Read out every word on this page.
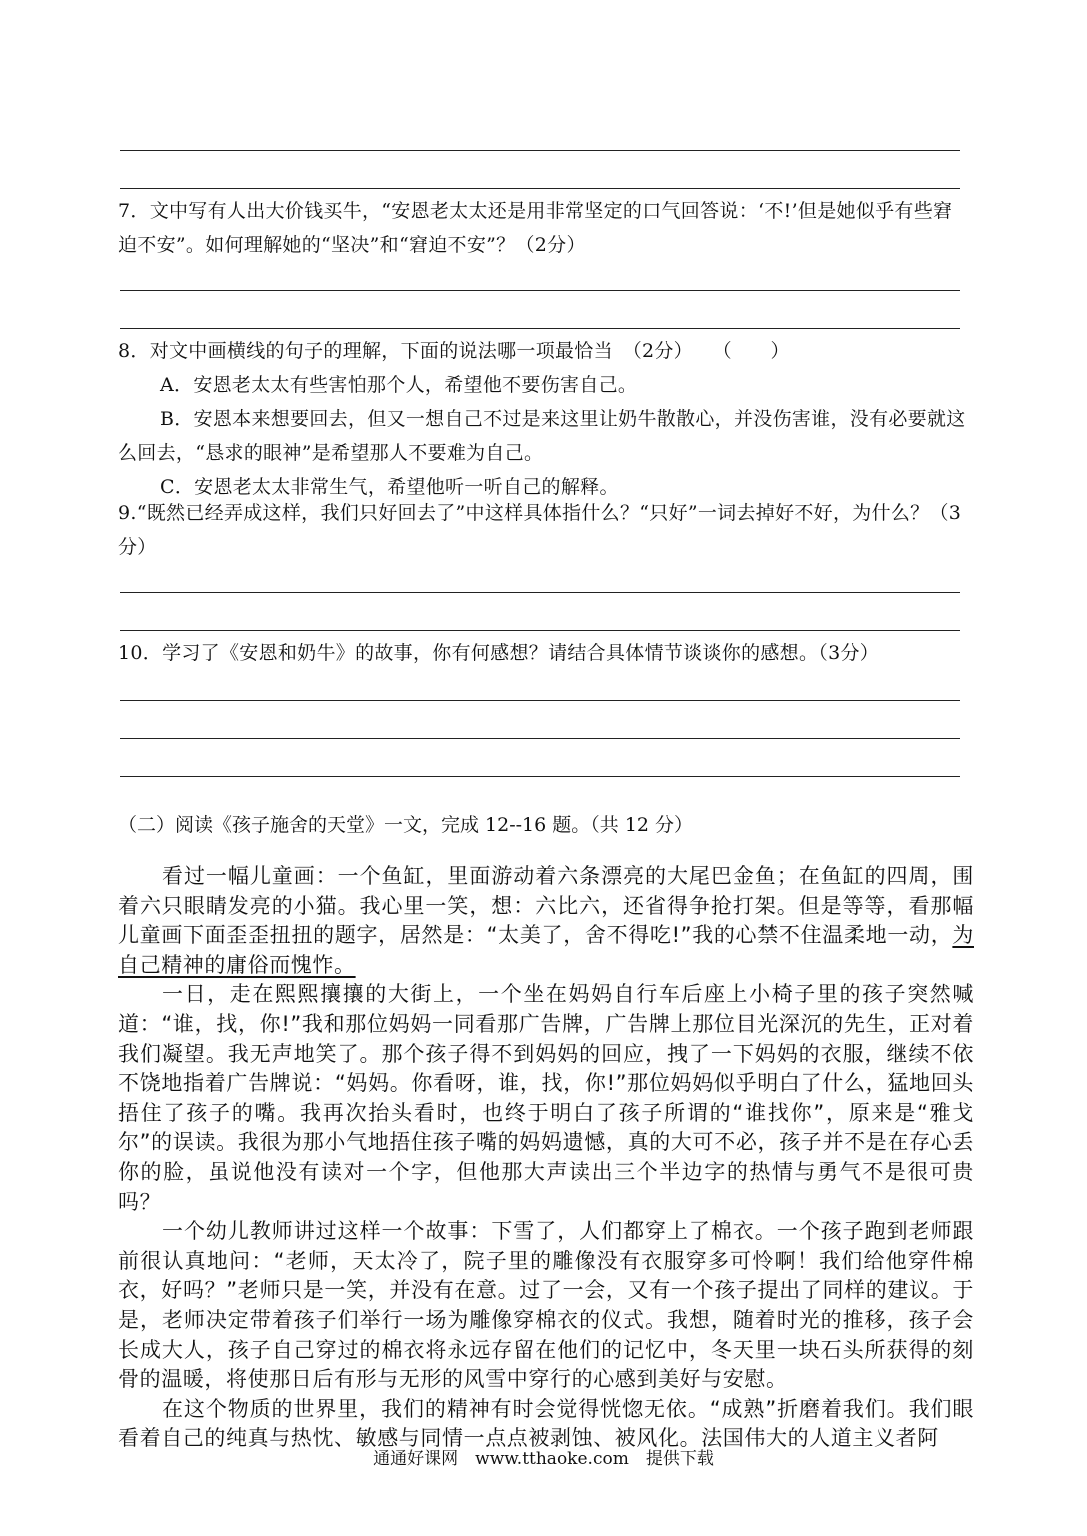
7．文中写有人出大价钱买牛，“安恩老太太还是用非常坚定的口气回答说：‘不!’但是她似乎有些窘迫不安”。如何理解她的“坚决”和“窘迫不安”？（2分）
8．对文中画横线的句子的理解，下面的说法哪一项最恰当　（2分）　　（　　）
A．安恩老太太有些害怕那个人，希望他不要伤害自己。
B．安恩本来想要回去，但又一想自己不过是来这里让奶牛散散心，并没伤害谁，没有必要就这么回去，“恳求的眼神”是希望那人不要难为自己。
C．安恩老太太非常生气，希望他听一听自己的解释。
9.“既然已经弄成这样，我们只好回去了”中这样具体指什么？“只好”一词去掉好不好，为什么？（3分）
10．学习了《安恩和奶牛》的故事，你有何感想？请结合具体情节谈谈你的感想。（3分）
（二）阅读《孩子施舍的天堂》一文，完成 12--16 题。（共 12 分）

看过一幅儿童画：一个鱼缸，里面游动着六条漂亮的大尾巴金鱼；在鱼缸的四周，围着六只眼睛发亮的小猫。我心里一笑，想：六比六，还省得争抢打架。但是等等，看那幅儿童画下面歪歪扭扭的题字，居然是：“太美了，舍不得吃!”我的心禁不住温柔地一动，为自己精神的庸俗而愧怍。

一日，走在熙熙攘攘的大街上，一个坐在妈妈自行车后座上小椅子里的孩子突然喊道：“谁，找，你!”我和那位妈妈一同看那广告牌，广告牌上那位目光深沉的先生，正对着我们凝望。我无声地笑了。那个孩子得不到妈妈的回应，拽了一下妈妈的衣服，继续不依不饶地指着广告牌说：“妈妈。你看呀，谁，找，你!”那位妈妈似乎明白了什么，猛地回头捂住了孩子的嘴。我再次抬头看时，也终于明白了孩子所谓的“谁找你”，原来是“雅戈尔”的误读。我很为那小气地捂住孩子嘴的妈妈遗憾，真的大可不必，孩子并不是在存心丢你的脸，虽说他没有读对一个字，但他那大声读出三个半边字的热情与勇气不是很可贵吗？

一个幼儿教师讲过这样一个故事：下雪了，人们都穿上了棉衣。一个孩子跑到老师跟前很认真地问：“老师，天太冷了，院子里的雕像没有衣服穿多可怜啊！我们给他穿件棉衣，好吗？”老师只是一笑，并没有在意。过了一会，又有一个孩子提出了同样的建议。于是，老师决定带着孩子们举行一场为雕像穿棉衣的仪式。我想，随着时光的推移，孩子会长成大人，孩子自己穿过的棉衣将永远存留在他们的记忆中，冬天里一块石头所获得的刻骨的温暖，将使那日后有形与无形的风雪中穿行的心感到美好与安慰。

在这个物质的世界里，我们的精神有时会觉得恍惚无依。“成熟”折磨着我们。我们眼看着自己的纯真与热忱、敏感与同情一点点被剥蚀、被风化。法国伟大的人道主义者阿

通通好课网　www.tthaoke.com　提供下载
